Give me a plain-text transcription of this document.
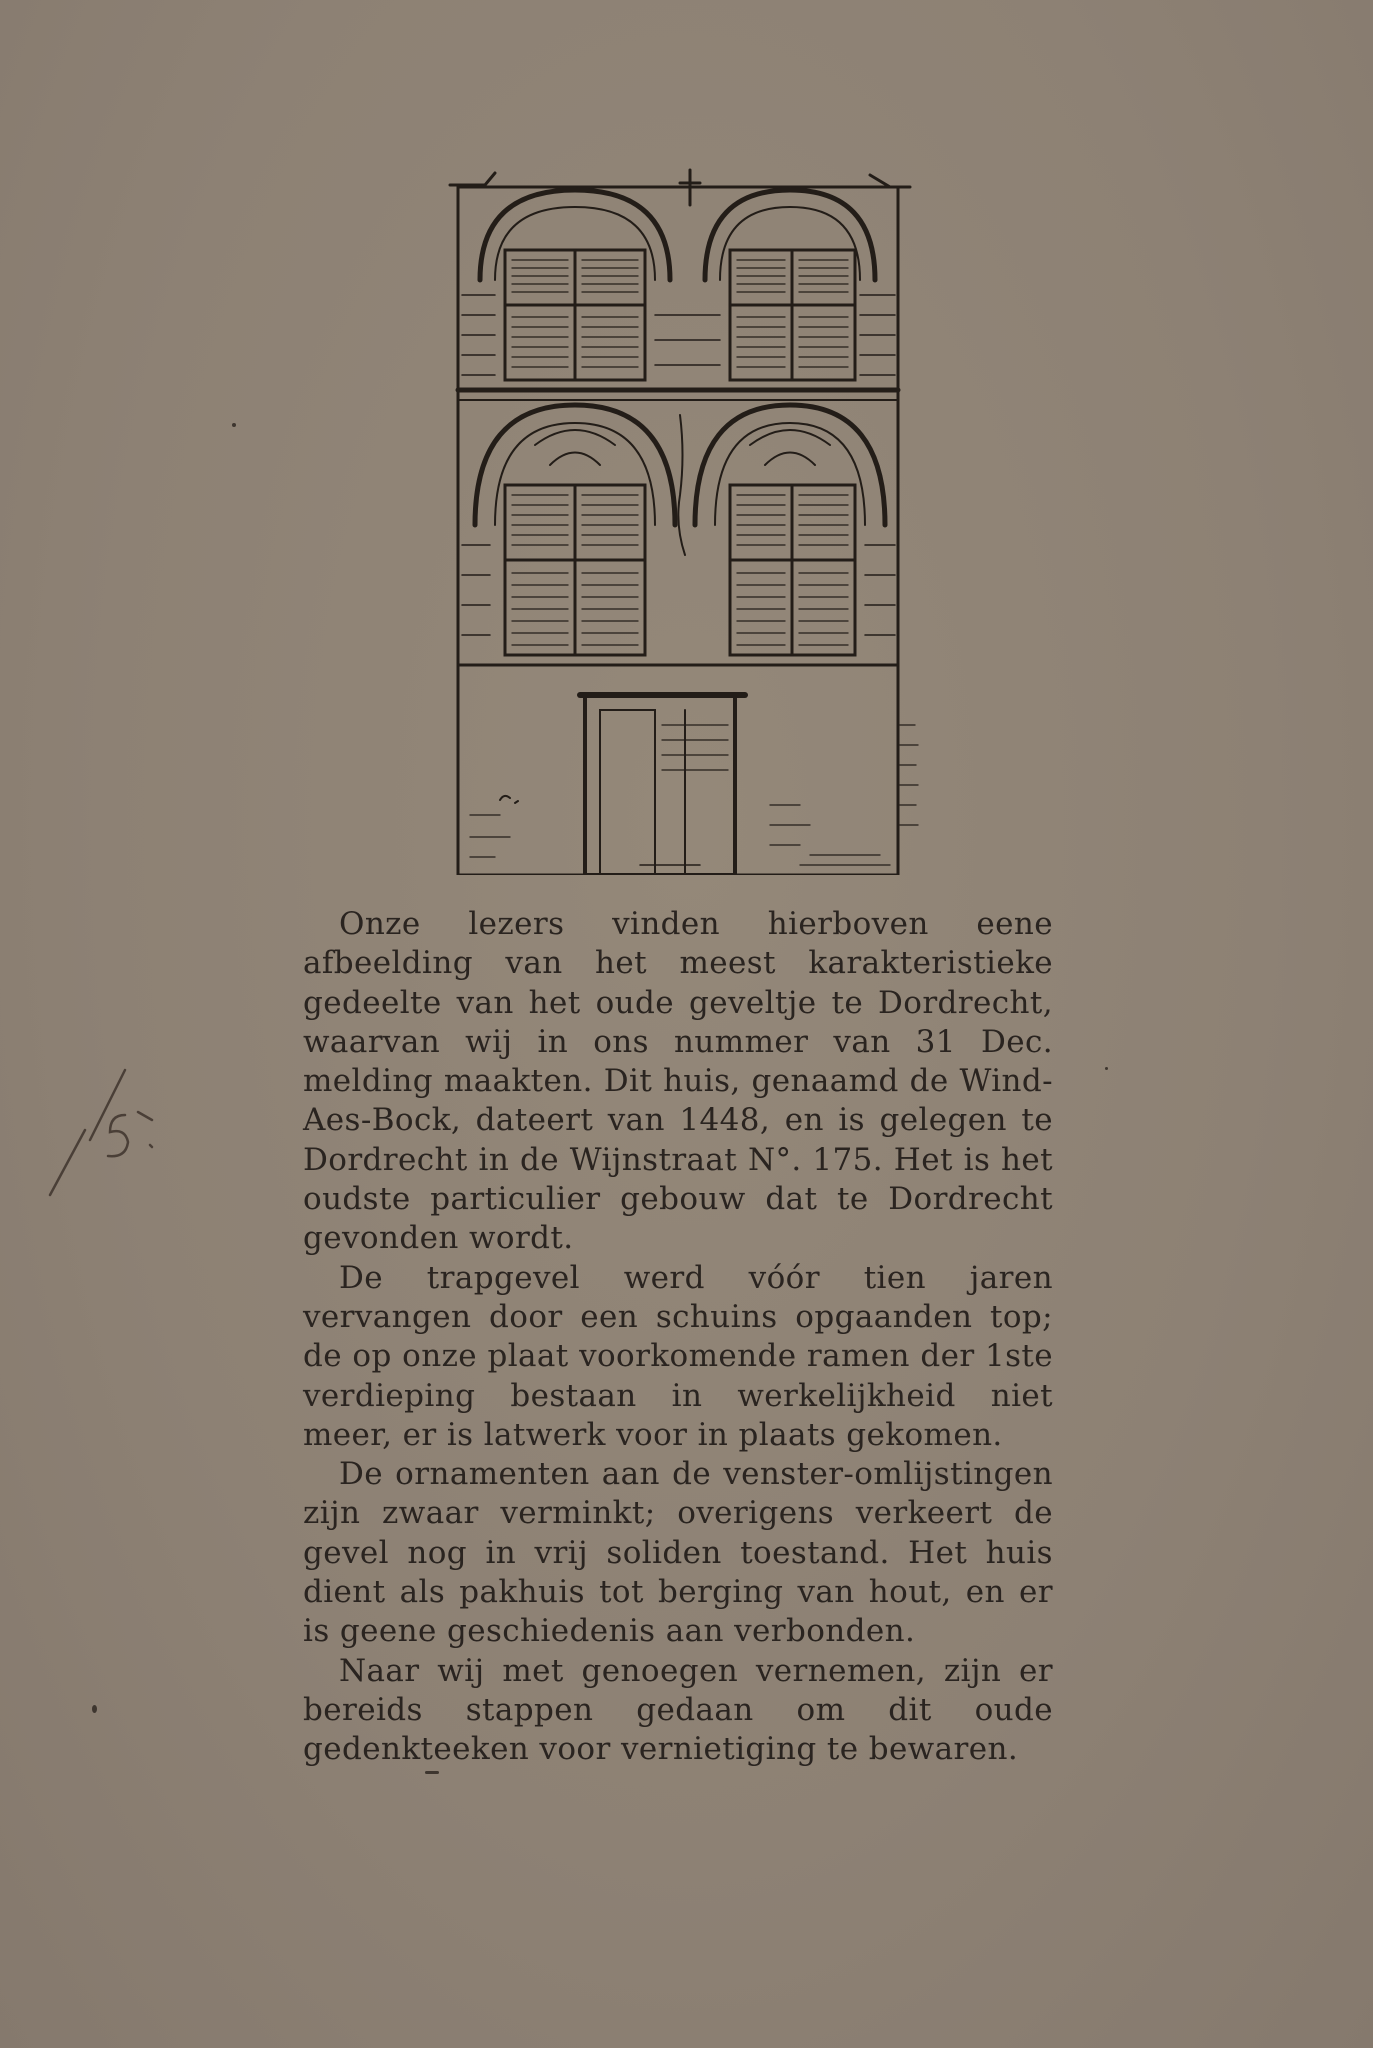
Onze lezers vinden hierboven eene afbeelding van het meest karakteristieke gedeelte van het oude geveltje te Dordrecht, waarvan wij in ons nummer van 31 Dec. melding maakten. Dit huis, genaamd de Wind-Aes-Bock, dateert van 1448, en is gelegen te Dordrecht in de Wijnstraat N°. 175. Het is het oudste particulier gebouw dat te Dordrecht gevonden wordt.

De trapgevel werd vóór tien jaren vervangen door een schuins opgaanden top; de op onze plaat voorkomende ramen der 1ste verdieping bestaan in werkelijkheid niet meer, er is latwerk voor in plaats gekomen.

De ornamenten aan de venster-omlijstingen zijn zwaar verminkt; overigens verkeert de gevel nog in vrij soliden toestand. Het huis dient als pakhuis tot berging van hout, en er is geene geschiedenis aan verbonden.

Naar wij met genoegen vernemen, zijn er bereids stappen gedaan om dit oude gedenkteeken voor vernietiging te bewaren.
